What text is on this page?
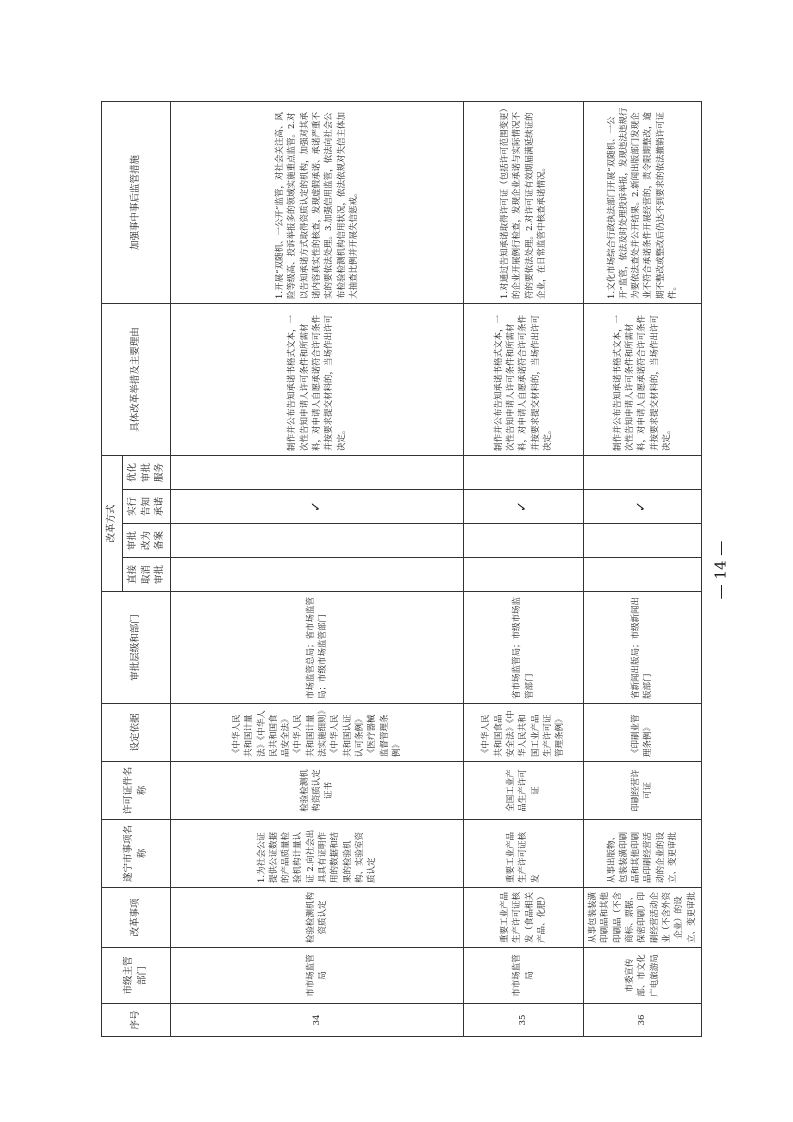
序号	市级主管部门	改革事项	遂宁市事项名称	许可证件名称	设定依据	审批层级和部门	改革方式				具体改革举措及主要理由	加强事中事后监管措施
							直接取消审批	审批改为备案	实行告知承诺	优化审批服务		
34	市市场监管局	检验检测机构资质认定	1.为社会公证提供公证数据的产品质量检验机构计量认证 2.向社会出具具有证明作用的数据和结果的检验机构、实验室资质认定	检验检测机构资质认定证书	《中华人民共和国计量法》《中华人民共和国食品安全法》《中华人民共和国计量法实施细则》《中华人民共和国认证认可条例》《医疗器械监督管理条例》	市场监管总局；省市场监管局；市级市场监管部门			✓		制作并公布告知承诺书格式文本，一次性告知申请人许可条件和所需材料，对申请人自愿承诺符合许可条件并按要求提交材料的，当场作出许可决定。	1.开展“双随机、一公开”监管，对社会关注高、风险等级高、投诉举报多的领域实施重点监管。2.对以告知承诺方式取得资质认定的机构，加强对其承诺内容真实性的核查，发现虚假承诺、承诺严重不实的要依法处理。3.加强信用监管，依法向社会公布检验检测机构信用状况，依法依规对失信主体加大抽查比例并开展失信惩戒。
35	市市场监管局	重要工业产品生产许可证核发（食品相关产品、化肥）	重要工业产品生产许可证核发	全国工业产品生产许可证	《中华人民共和国食品安全法》《中华人民共和国工业产品生产许可证管理条例》	省市场监管局；市级市场监管部门			✓		制作并公布告知承诺书格式文本，一次性告知申请人许可条件和所需材料，对申请人自愿承诺符合许可条件并按要求提交材料的，当场作出许可决定。	1.对通过告知承诺取得许可证（包括许可范围变更）的企业开展例行检查，发现企业承诺与实际情况不符的要依法处理。2.对许可证有效期届满延续证的企业，在日常监管中核查承诺情况。
36	市委宣传部、市文化广电旅游局	从事包装装潢印刷品和其他印刷品（不含商标、票据、保密印刷）印刷经营活动企业（不含外资企业）的设立、变更审批	从事出版物、包装装潢印刷品和其他印刷品印刷经营活动的企业的设立、变更审批	印刷经营许可证	《印刷业管理条例》	省新闻出版局；市级新闻出版部门			✓		制作并公布告知承诺书格式文本，一次性告知申请人许可条件和所需材料，对申请人自愿承诺符合许可条件并按要求提交材料的，当场作出许可决定。	1.文化市场综合行政执法部门开展“双随机、一公开”监管，依法及时处理投诉举报，发现违法违规行为要依法查处并公开结果。2.新闻出版部门发现企业不符合承诺条件开展经营的，责令限期整改，逾期不整改或整改后仍达不到要求的依法撤销许可证件。
— 14 —
